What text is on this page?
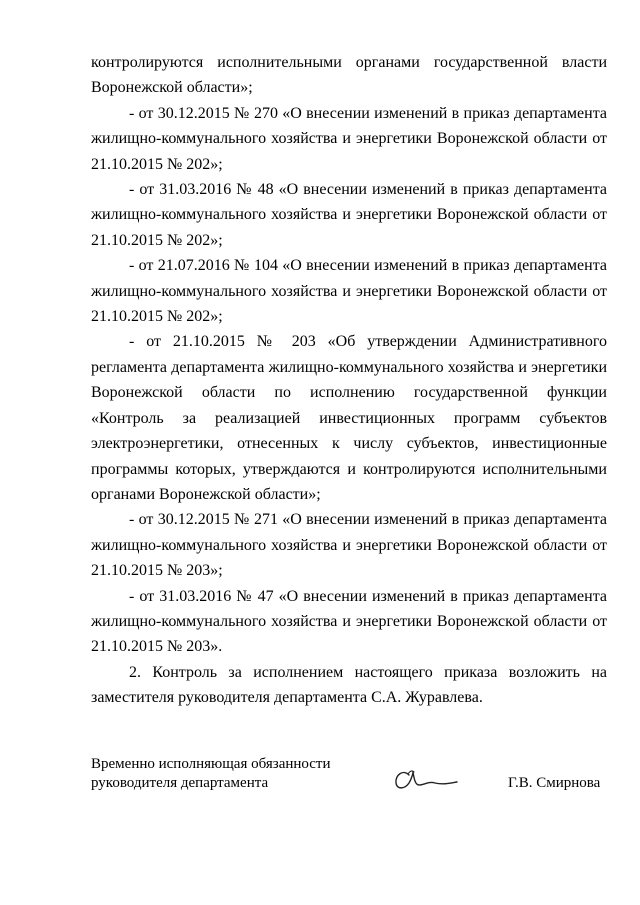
контролируются исполнительными органами государственной власти Воронежской области»;

- от 30.12.2015 № 270 «О внесении изменений в приказ департамента жилищно-коммунального хозяйства и энергетики Воронежской области от 21.10.2015 № 202»;

- от 31.03.2016 № 48 «О внесении изменений в приказ департамента жилищно-коммунального хозяйства и энергетики Воронежской области от 21.10.2015 № 202»;

- от 21.07.2016 № 104 «О внесении изменений в приказ департамента жилищно-коммунального хозяйства и энергетики Воронежской области от 21.10.2015 № 202»;

- от 21.10.2015 № 203 «Об утверждении Административного регламента департамента жилищно-коммунального хозяйства и энергетики Воронежской области по исполнению государственной функции «Контроль за реализацией инвестиционных программ субъектов электроэнергетики, отнесенных к числу субъектов, инвестиционные программы которых, утверждаются и контролируются исполнительными органами Воронежской области»;

- от 30.12.2015 № 271 «О внесении изменений в приказ департамента жилищно-коммунального хозяйства и энергетики Воронежской области от 21.10.2015 № 203»;

- от 31.03.2016 № 47 «О внесении изменений в приказ департамента жилищно-коммунального хозяйства и энергетики Воронежской области от 21.10.2015 № 203».

2. Контроль за исполнением настоящего приказа возложить на заместителя руководителя департамента С.А. Журавлева.

Временно исполняющая обязанности
руководителя департамента	Г.В. Смирнова
